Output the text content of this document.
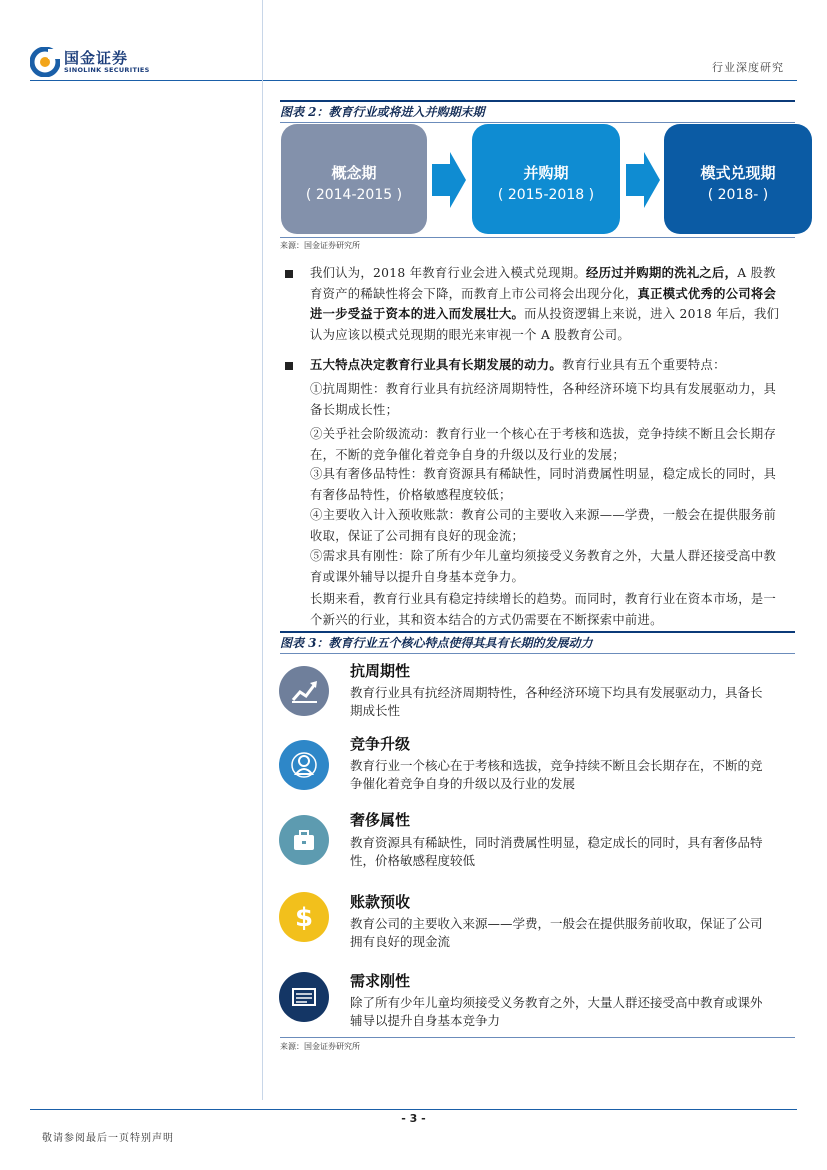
国金证券
SINOLINK SECURITIES	行业深度研究
图表 2：教育行业或将进入并购期末期
概念期
( 2014-2015 )
并购期
( 2015-2018 )
模式兑现期
( 2018- )
来源：国金证券研究所
我们认为，2018 年教育行业会进入模式兑现期。经历过并购期的洗礼之后，A 股教育资产的稀缺性将会下降，而教育上市公司将会出现分化，真正模式优秀的公司将会进一步受益于资本的进入而发展壮大。而从投资逻辑上来说，进入 2018 年后，我们认为应该以模式兑现期的眼光来审视一个 A 股教育公司。
五大特点决定教育行业具有长期发展的动力。教育行业具有五个重要特点：
①抗周期性：教育行业具有抗经济周期特性，各种经济环境下均具有发展驱动力，具备长期成长性；
②关乎社会阶级流动：教育行业一个核心在于考核和选拔，竞争持续不断且会长期存在，不断的竞争催化着竞争自身的升级以及行业的发展；
③具有奢侈品特性：教育资源具有稀缺性，同时消费属性明显，稳定成长的同时，具有奢侈品特性，价格敏感程度较低；
④主要收入计入预收账款：教育公司的主要收入来源——学费，一般会在提供服务前收取，保证了公司拥有良好的现金流；
⑤需求具有刚性：除了所有少年儿童均须接受义务教育之外，大量人群还接受高中教育或课外辅导以提升自身基本竞争力。
长期来看，教育行业具有稳定持续增长的趋势。而同时，教育行业在资本市场，是一个新兴的行业，其和资本结合的方式仍需要在不断探索中前进。
图表 3：教育行业五个核心特点使得其具有长期的发展动力
抗周期性
教育行业具有抗经济周期特性，各种经济环境下均具有发展驱动力，具备长期成长性
竞争升级
教育行业一个核心在于考核和选拔，竞争持续不断且会长期存在，不断的竞争催化着竞争自身的升级以及行业的发展
奢侈属性
教育资源具有稀缺性，同时消费属性明显，稳定成长的同时，具有奢侈品特性，价格敏感程度较低
$
账款预收
教育公司的主要收入来源——学费，一般会在提供服务前收取，保证了公司拥有良好的现金流
需求刚性
除了所有少年儿童均须接受义务教育之外，大量人群还接受高中教育或课外辅导以提升自身基本竞争力
来源：国金证券研究所
- 3 -
敬请参阅最后一页特别声明
